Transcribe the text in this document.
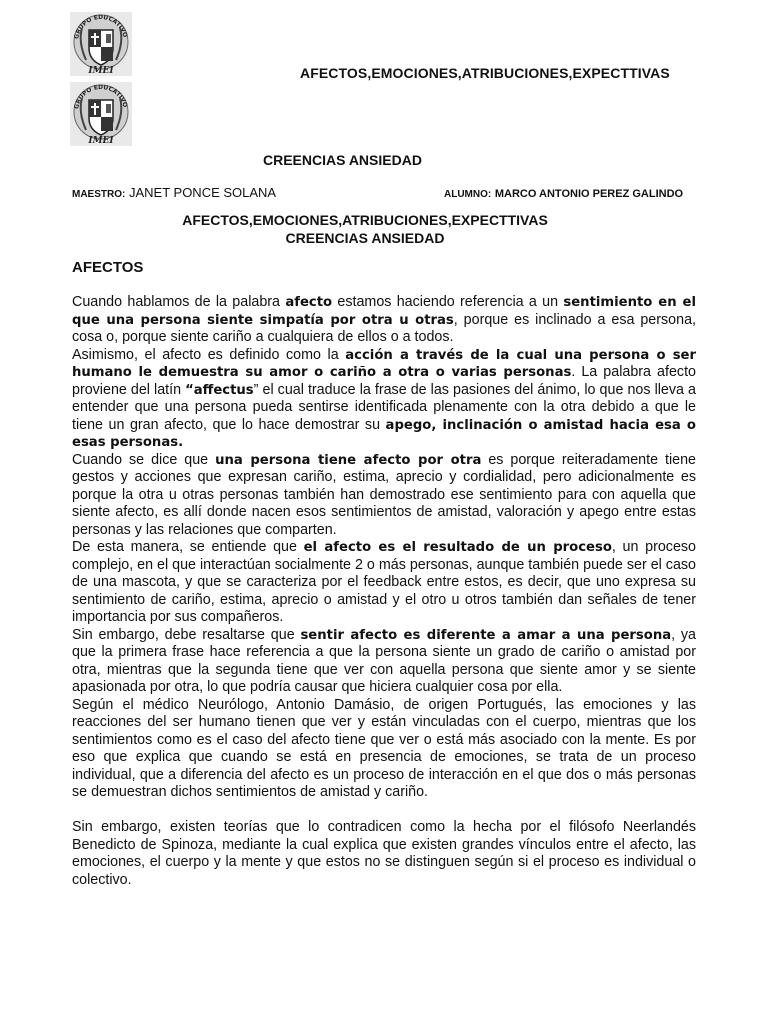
GRUPO EDUCATIVO
IMEI
GRUPO EDUCATIVO
IMEI
AFECTOS,EMOCIONES,ATRIBUCIONES,EXPECTTIVAS
CREENCIAS ANSIEDAD
MAESTRO: JANET PONCE SOLANA	ALUMNO: MARCO ANTONIO PEREZ GALINDO
AFECTOS,EMOCIONES,ATRIBUCIONES,EXPECTTIVAS
CREENCIAS ANSIEDAD
AFECTOS

Cuando hablamos de la palabra afecto estamos haciendo referencia a un sentimiento en el que una persona siente simpatía por otra u otras, porque es inclinado a esa persona, cosa o, porque siente cariño a cualquiera de ellos o a todos.

Asimismo, el afecto es definido como la acción a través de la cual una persona o ser humano le demuestra su amor o cariño a otra o varias personas. La palabra afecto proviene del latín “affectus” el cual traduce la frase de las pasiones del ánimo, lo que nos lleva a entender que una persona pueda sentirse identificada plenamente con la otra debido a que le tiene un gran afecto, que lo hace demostrar su apego, inclinación o amistad hacia esa o esas personas.

Cuando se dice que una persona tiene afecto por otra es porque reiteradamente tiene gestos y acciones que expresan cariño, estima, aprecio y cordialidad, pero adicionalmente es porque la otra u otras personas también han demostrado ese sentimiento para con aquella que siente afecto, es allí donde nacen esos sentimientos de amistad, valoración y apego entre estas personas y las relaciones que comparten.

De esta manera, se entiende que el afecto es el resultado de un proceso, un proceso complejo, en el que interactúan socialmente 2 o más personas, aunque también puede ser el caso de una mascota, y que se caracteriza por el feedback entre estos, es decir, que uno expresa su sentimiento de cariño, estima, aprecio o amistad y el otro u otros también dan señales de tener importancia por sus compañeros.

Sin embargo, debe resaltarse que sentir afecto es diferente a amar a una persona, ya que la primera frase hace referencia a que la persona siente un grado de cariño o amistad por otra, mientras que la segunda tiene que ver con aquella persona que siente amor y se siente apasionada por otra, lo que podría causar que hiciera cualquier cosa por ella.

Según el médico Neurólogo, Antonio Damásio, de origen Portugués, las emociones y las reacciones del ser humano tienen que ver y están vinculadas con el cuerpo, mientras que los sentimientos como es el caso del afecto tiene que ver o está más asociado con la mente. Es por eso que explica que cuando se está en presencia de emociones, se trata de un proceso individual, que a diferencia del afecto es un proceso de interacción en el que dos o más personas se demuestran dichos sentimientos de amistad y cariño.

Sin embargo, existen teorías que lo contradicen como la hecha por el filósofo Neerlandés Benedicto de Spinoza, mediante la cual explica que existen grandes vínculos entre el afecto, las emociones, el cuerpo y la mente y que estos no se distinguen según si el proceso es individual o colectivo.
